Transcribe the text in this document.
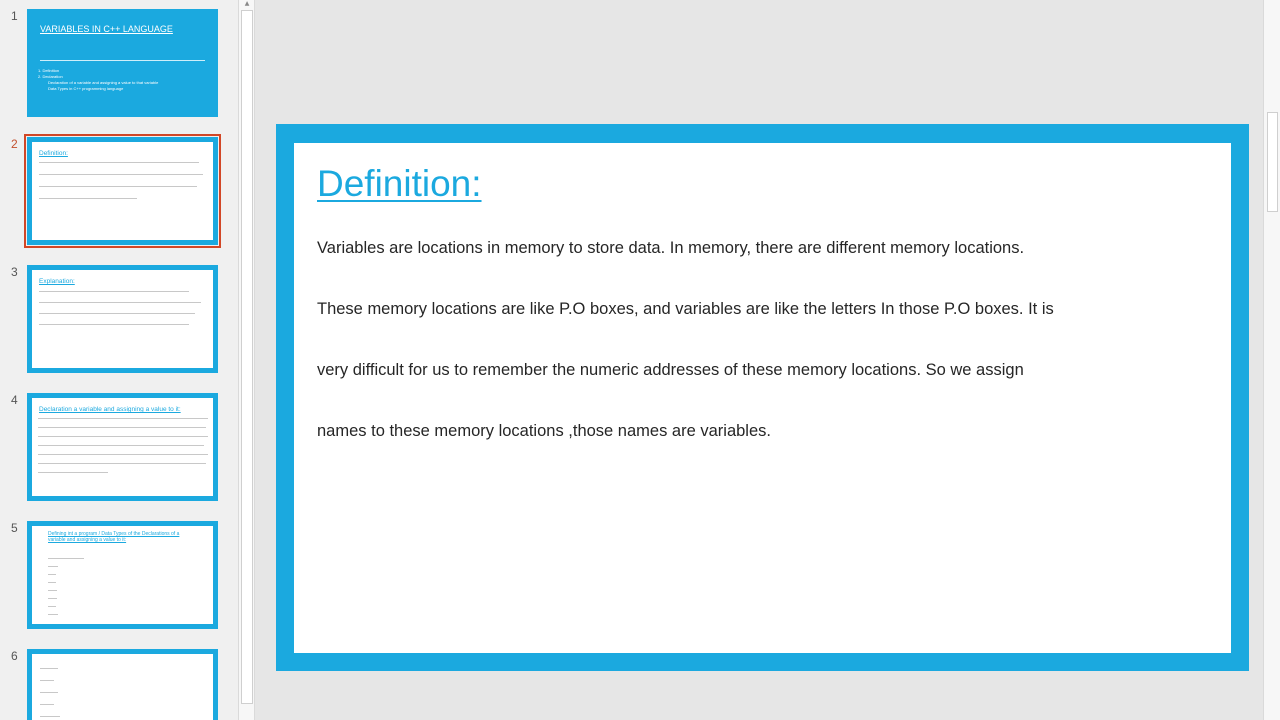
1
VARIABLES IN C++ LANGUAGE
1. Definition
2. Declaration
Declaration of a variable and assigning a value to that variable
Data Types in C++ programming language
2
Definition:
3
Explanation:
4
Declaration a variable and assigning a value to it:
5	Defining int a program / Data Types of the Declarations of a variable and assigning a value to it:
6
▲
Definition:
Variables are locations in memory to store data. In memory, there are different memory locations.
These memory locations are like P.O boxes, and variables are like the letters In those P.O boxes. It is
very difficult for us to remember the numeric addresses of these memory locations. So we assign
names to these memory locations ,those names are variables.
